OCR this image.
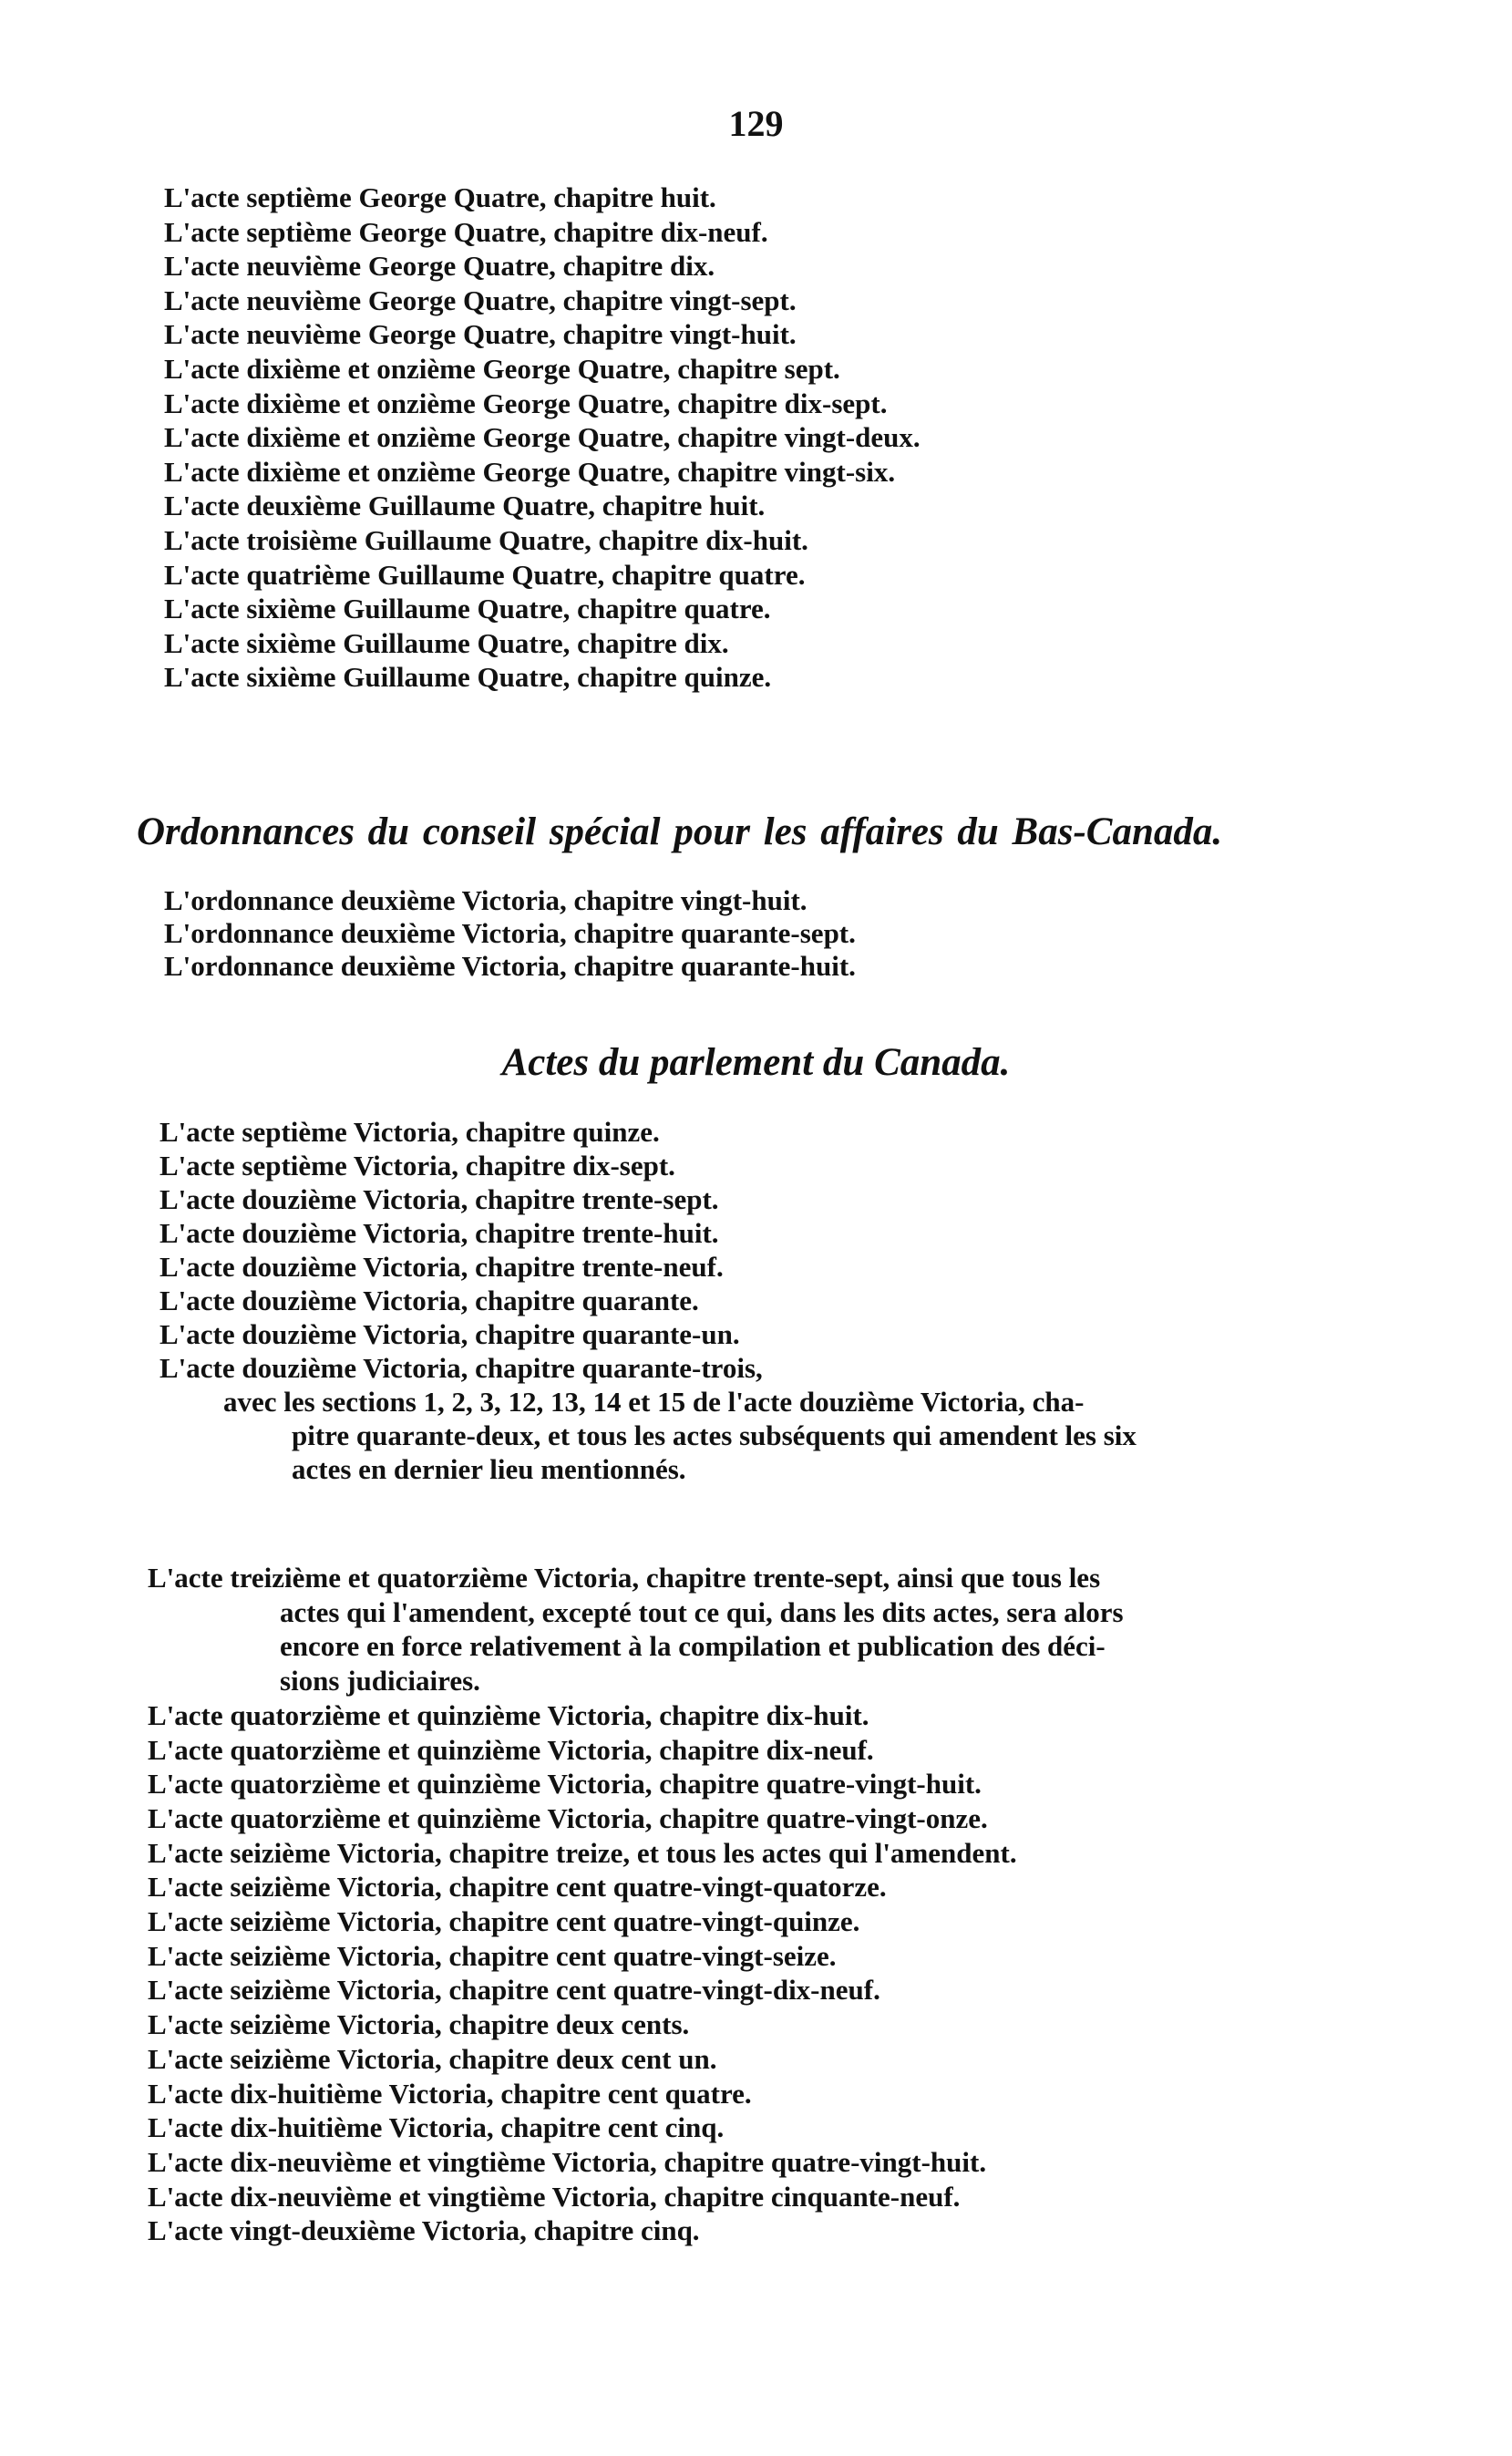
129
L'acte septième George Quatre, chapitre huit.
L'acte septième George Quatre, chapitre dix-neuf.
L'acte neuvième George Quatre, chapitre dix.
L'acte neuvième George Quatre, chapitre vingt-sept.
L'acte neuvième George Quatre, chapitre vingt-huit.
L'acte dixième et onzième George Quatre, chapitre sept.
L'acte dixième et onzième George Quatre, chapitre dix-sept.
L'acte dixième et onzième George Quatre, chapitre vingt-deux.
L'acte dixième et onzième George Quatre, chapitre vingt-six.
L'acte deuxième Guillaume Quatre, chapitre huit.
L'acte troisième Guillaume Quatre, chapitre dix-huit.
L'acte quatrième Guillaume Quatre, chapitre quatre.
L'acte sixième Guillaume Quatre, chapitre quatre.
L'acte sixième Guillaume Quatre, chapitre dix.
L'acte sixième Guillaume Quatre, chapitre quinze.
Ordonnances du conseil spécial pour les affaires du Bas-Canada.
L'ordonnance deuxième Victoria, chapitre vingt-huit.
L'ordonnance deuxième Victoria, chapitre quarante-sept.
L'ordonnance deuxième Victoria, chapitre quarante-huit.
Actes du parlement du Canada.
L'acte septième Victoria, chapitre quinze.
L'acte septième Victoria, chapitre dix-sept.
L'acte douzième Victoria, chapitre trente-sept.
L'acte douzième Victoria, chapitre trente-huit.
L'acte douzième Victoria, chapitre trente-neuf.
L'acte douzième Victoria, chapitre quarante.
L'acte douzième Victoria, chapitre quarante-un.
L'acte douzième Victoria, chapitre quarante-trois,
avec les sections 1, 2, 3, 12, 13, 14 et 15 de l'acte douzième Victoria, cha-
pitre quarante-deux, et tous les actes subséquents qui amendent les six
actes en dernier lieu mentionnés.
L'acte treizième et quatorzième Victoria, chapitre trente-sept, ainsi que tous les
actes qui l'amendent, excepté tout ce qui, dans les dits actes, sera alors
encore en force relativement à la compilation et publication des déci-
sions judiciaires.
L'acte quatorzième et quinzième Victoria, chapitre dix-huit.
L'acte quatorzième et quinzième Victoria, chapitre dix-neuf.
L'acte quatorzième et quinzième Victoria, chapitre quatre-vingt-huit.
L'acte quatorzième et quinzième Victoria, chapitre quatre-vingt-onze.
L'acte seizième Victoria, chapitre treize, et tous les actes qui l'amendent.
L'acte seizième Victoria, chapitre cent quatre-vingt-quatorze.
L'acte seizième Victoria, chapitre cent quatre-vingt-quinze.
L'acte seizième Victoria, chapitre cent quatre-vingt-seize.
L'acte seizième Victoria, chapitre cent quatre-vingt-dix-neuf.
L'acte seizième Victoria, chapitre deux cents.
L'acte seizième Victoria, chapitre deux cent un.
L'acte dix-huitième Victoria, chapitre cent quatre.
L'acte dix-huitième Victoria, chapitre cent cinq.
L'acte dix-neuvième et vingtième Victoria, chapitre quatre-vingt-huit.
L'acte dix-neuvième et vingtième Victoria, chapitre cinquante-neuf.
L'acte vingt-deuxième Victoria, chapitre cinq.
